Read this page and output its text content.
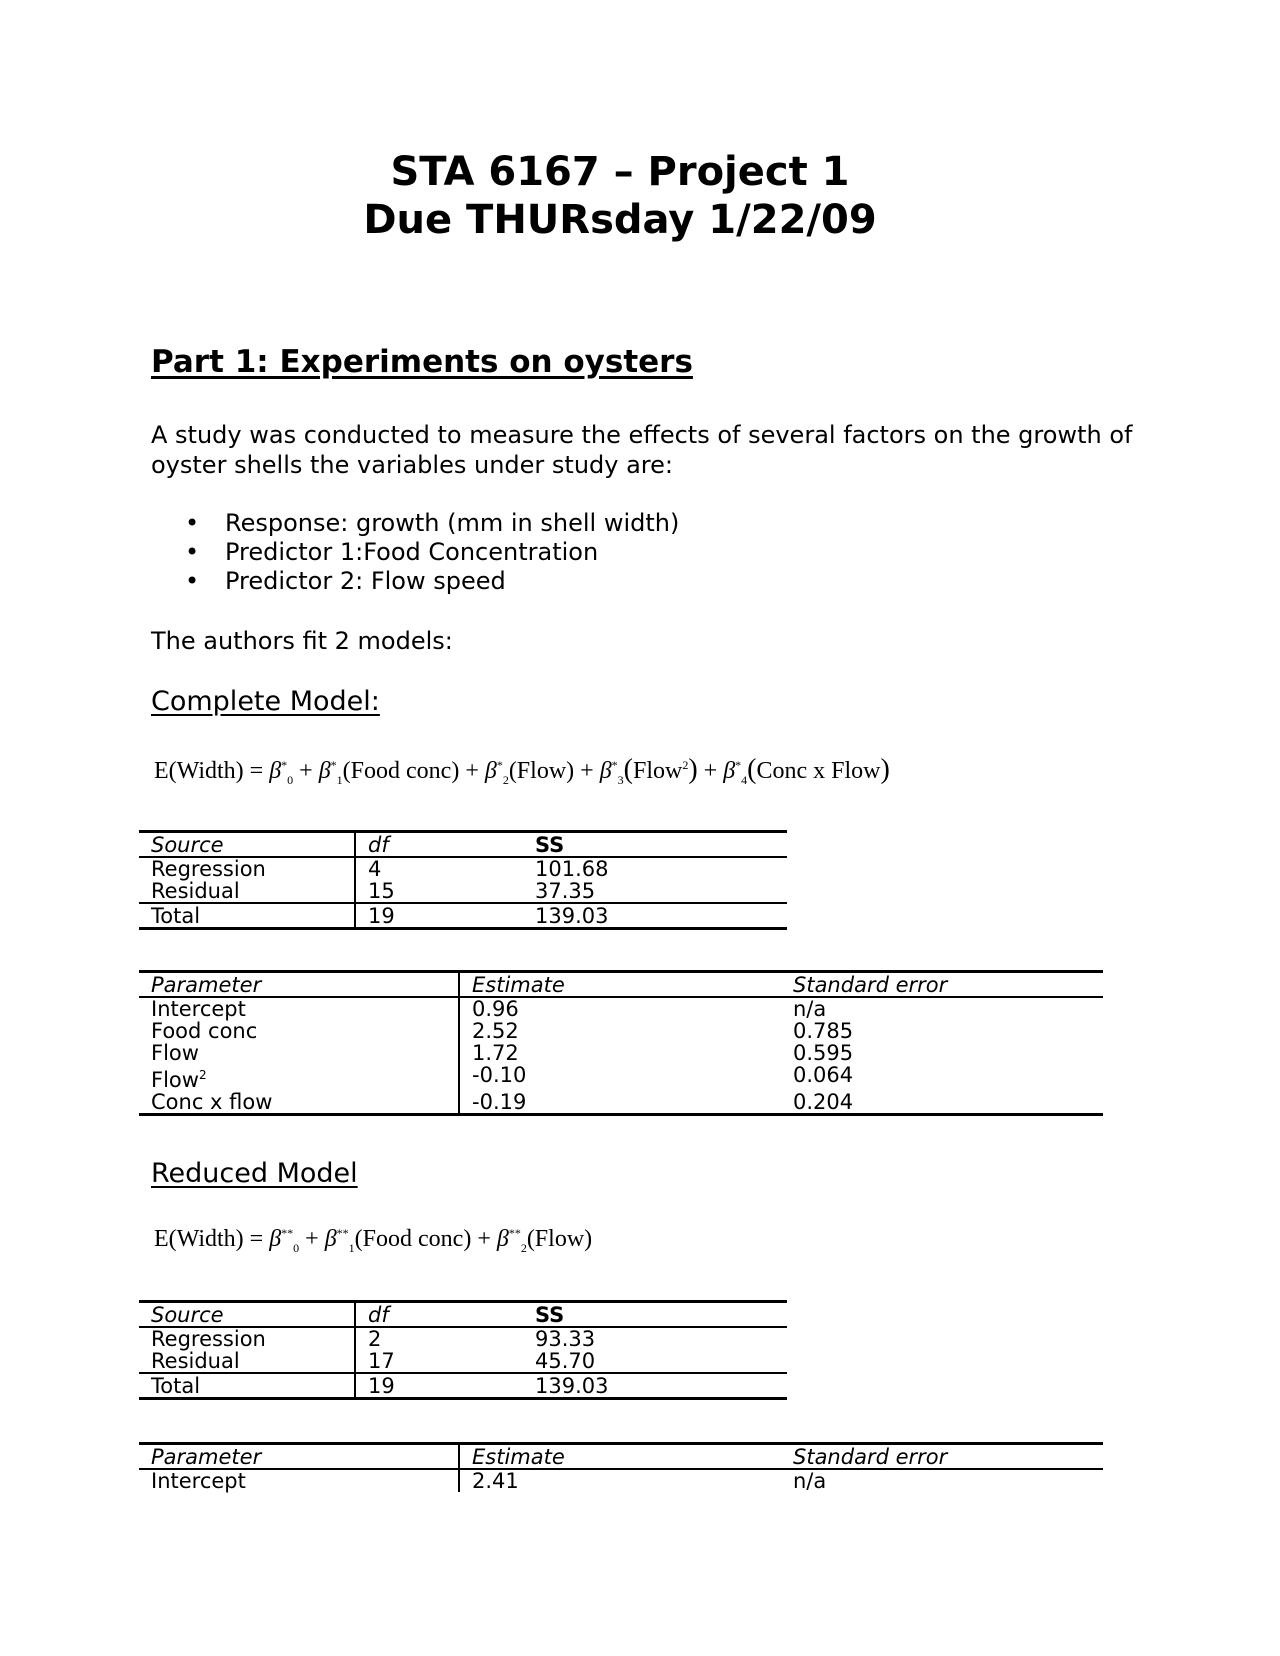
STA 6167 – Project 1
Due THURsday 1/22/09
Part 1: Experiments on oysters
A study was conducted to measure the effects of several factors on the growth of
oyster shells the variables under study are:
• Response: growth (mm in shell width)
• Predictor 1:Food Concentration
• Predictor 2: Flow speed
The authors fit 2 models:
Complete Model:
E(Width) = $\beta^*_0$ + $\beta^*_1(Food$ conc) + $\beta^*_2(Flow)$ + $\beta^*_3(Flow^2)$ + $\beta^*_4(Conc$ x Flow)
Source	df	SS
Regression	4	101.68
Residual	15	37.35
Total	19	139.03
Parameter	Estimate	Standard error
Intercept	0.96	n/a
Food conc	2.52	0.785
Flow	1.72	0.595
Flow$^2$	-0.10	0.064
Conc x flow	-0.19	0.204
Reduced Model
E(Width) = $\beta^{**}_0$ + $\beta^{**}_1(Food$ conc) + $\beta^{**}_2(Flow)$
Source	df	SS
Regression	2	93.33
Residual	17	45.70
Total	19	139.03
Parameter	Estimate	Standard error
Intercept	2.41	n/a
